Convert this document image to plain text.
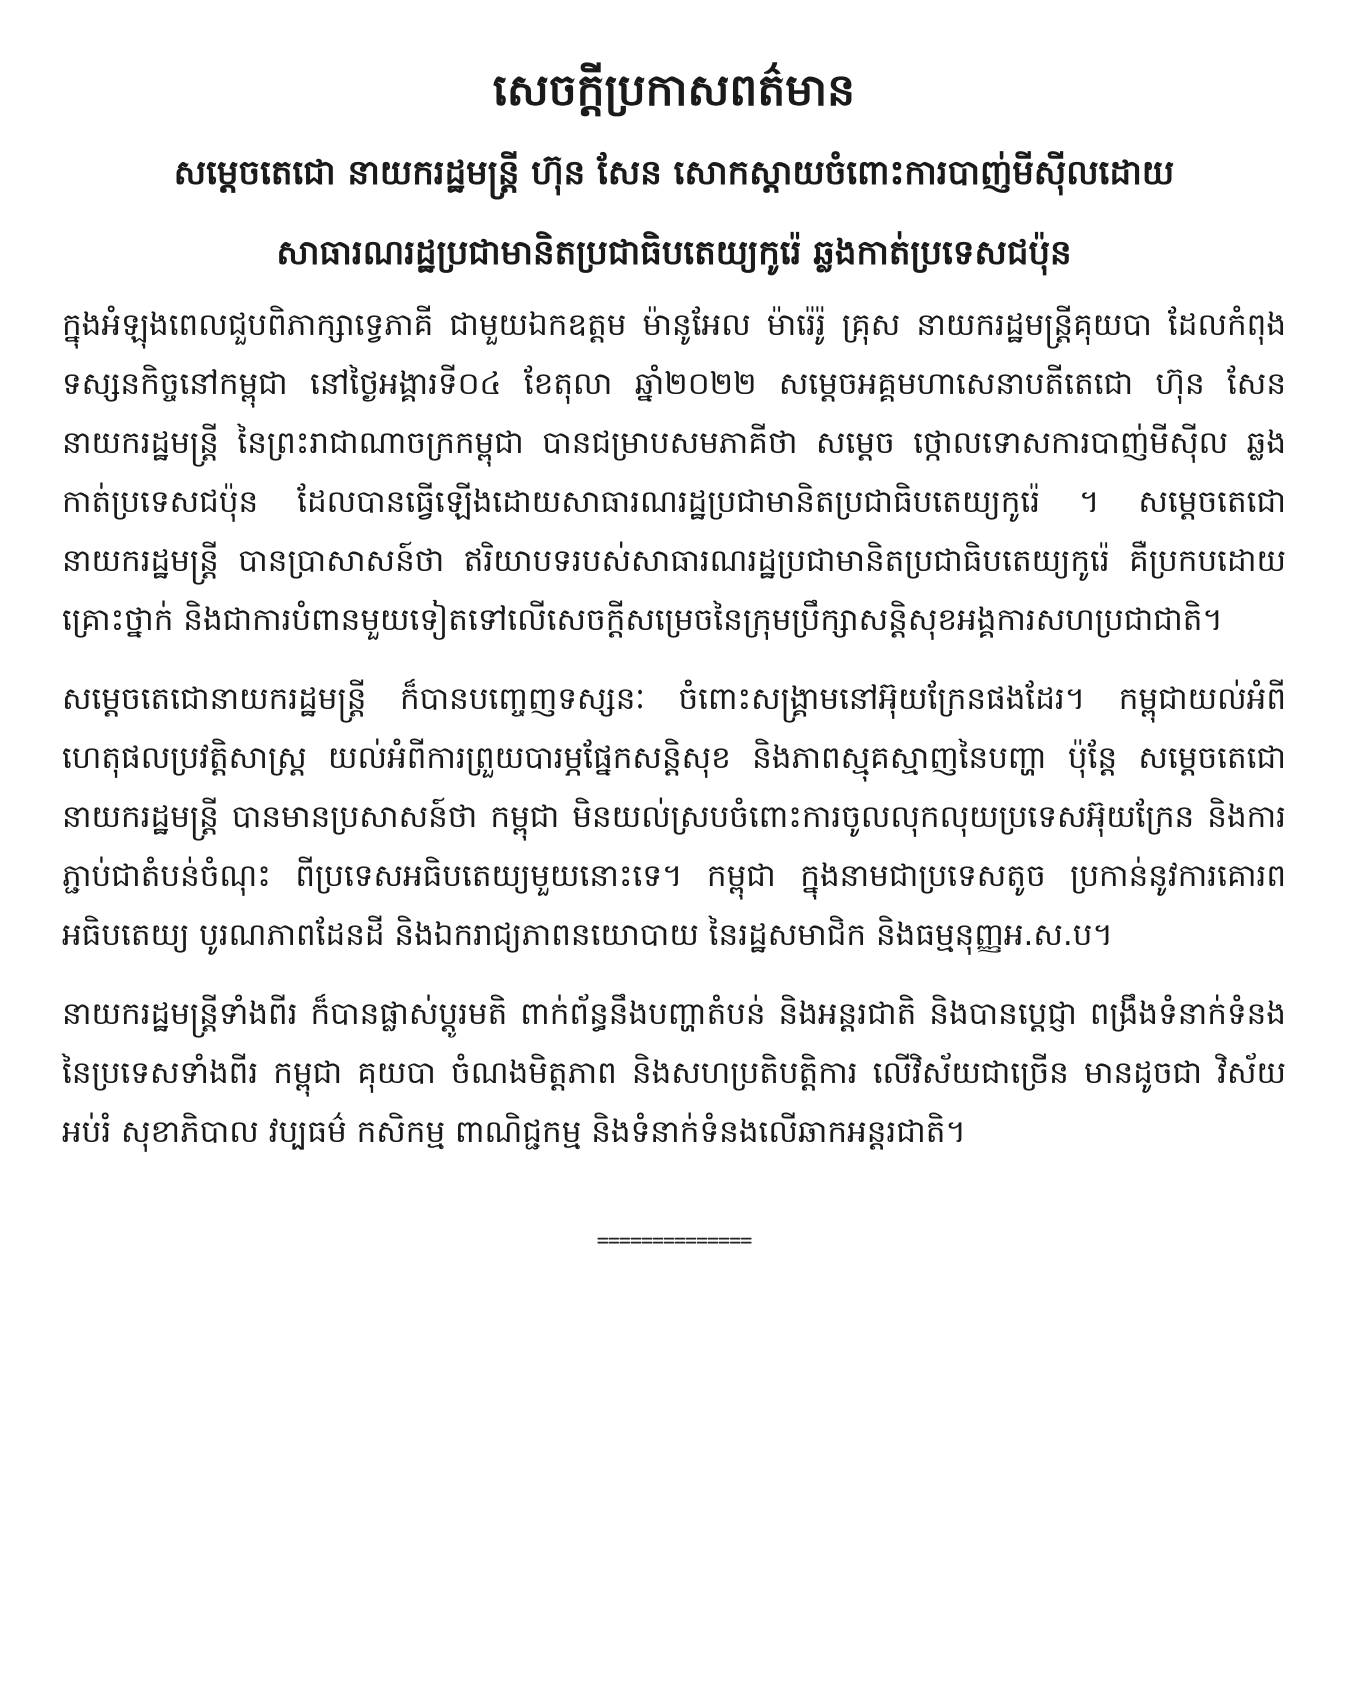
សេចក្តីប្រកាសពត៌មាន
សម្តេចតេជោ នាយករដ្ឋមន្ត្រី ហ៊ុន សែន សោកស្តាយចំពោះការបាញ់មីស៊ីលដោយ
សាធារណរដ្ឋប្រជាមានិតប្រជាធិបតេយ្យកូរ៉េ ឆ្លងកាត់ប្រទេសជប៉ុន

ក្នុងអំឡុងពេលជួបពិភាក្សាទ្វេភាគី ជាមួយឯកឧត្តម ម៉ានូអែល ម៉ារ៉េរ៉ូ គ្រុស នាយករដ្ឋមន្ត្រីគុយបា ដែលកំពុងទស្សនកិច្ចនៅកម្ពុជា នៅថ្ងៃអង្គារទី០៤ ខែតុលា ឆ្នាំ២០២២ សម្តេចអគ្គមហាសេនាបតីតេជោ ហ៊ុន សែន នាយករដ្ឋមន្ត្រី នៃព្រះរាជាណាចក្រកម្ពុជា បានជម្រាបសមភាគីថា សម្តេច ថ្កោលទោសការបាញ់មីស៊ីល ឆ្លងកាត់ប្រទេសជប៉ុន ដែលបានធ្វើឡើងដោយសាធារណរដ្ឋប្រជាមានិតប្រជាធិបតេយ្យកូរ៉េ ។ សម្តេចតេជោ នាយករដ្ឋមន្ត្រី បានប្រាសាសន៍ថា ឥរិយាបទរបស់សាធារណរដ្ឋប្រជាមានិតប្រជាធិបតេយ្យកូរ៉េ គឺប្រកបដោយគ្រោះថ្នាក់ និងជាការបំពានមួយទៀតទៅលើសេចក្តីសម្រេចនៃក្រុមប្រឹក្សាសន្តិសុខអង្គការសហប្រជាជាតិ។

សម្តេចតេជោនាយករដ្ឋមន្ត្រី ក៏បានបញ្ចេញទស្សនៈ ចំពោះសង្គ្រាមនៅអ៊ុយក្រែនផងដែរ។ កម្ពុជាយល់អំពីហេតុផលប្រវត្តិសាស្ត្រ យល់អំពីការព្រួយបារម្ភផ្នែកសន្តិសុខ និងភាពស្មុគស្មាញនៃបញ្ហា ប៉ុន្តែ សម្តេចតេជោនាយករដ្ឋមន្ត្រី បានមានប្រសាសន៍ថា កម្ពុជា មិនយល់ស្របចំពោះការចូលលុកលុយប្រទេសអ៊ុយក្រែន និងការភ្ជាប់ជាតំបន់ចំណុះ ពីប្រទេសអធិបតេយ្យមួយនោះទេ។ កម្ពុជា ក្នុងនាមជាប្រទេសតូច ប្រកាន់នូវការគោរពអធិបតេយ្យ បូរណភាពដែនដី និងឯករាជ្យភាពនយោបាយ នៃរដ្ឋសមាជិក និងធម្មនុញ្ញអ.ស.ប។

នាយករដ្ឋមន្ត្រីទាំងពីរ ក៏បានផ្លាស់ប្តូរមតិ ពាក់ព័ន្ធនឹងបញ្ហាតំបន់ និងអន្តរជាតិ និងបានប្តេជ្ញា ពង្រឹងទំនាក់ទំនងនៃប្រទេសទាំងពីរ កម្ពុជា គុយបា ចំណងមិត្តភាព និងសហប្រតិបត្តិការ លើវិស័យជាច្រើន មានដូចជា វិស័យអប់រំ សុខាភិបាល វប្បធម៌ កសិកម្ម ពាណិជ្ជកម្ម និងទំនាក់ទំនងលើឆាកអន្តរជាតិ។

==============
